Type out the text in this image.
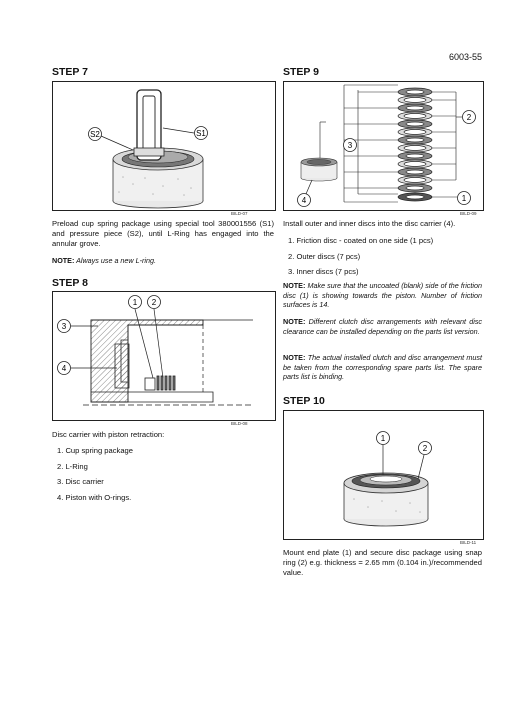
6003-55
STEP 7
S2	S1
BILD-07
Preload cup spring package using special tool 380001556 (S1) and pressure piece (S2), until L-Ring has engaged into the annular grove.
NOTE: Always use a new L-ring.
STEP 8
1 2
3
4
BILD-08
Disc carrier with piston retraction:
1. Cup spring package
2. L-Ring
3. Disc carrier
4. Piston with O-rings.
STEP 9
2
3
1
4
BILD-09
Install outer and inner discs into the disc carrier (4).
1. Friction disc - coated on one side (1 pcs)
2. Outer discs (7 pcs)
3. Inner discs (7 pcs)
NOTE: Make sure that the uncoated (blank) side of the friction disc (1) is showing towards the piston. Number of friction surfaces is 14.
NOTE: Different clutch disc arrangements with relevant disc clearance can be installed depending on the parts list version.
NOTE: The actual installed clutch and disc arrangement must be taken from the corresponding spare parts list. The spare parts list is binding.
STEP 10
1
2
BILD-11
Mount end plate (1) and secure disc package using snap ring (2) e.g. thickness = 2.65 mm (0.104 in.)/recommended value.
